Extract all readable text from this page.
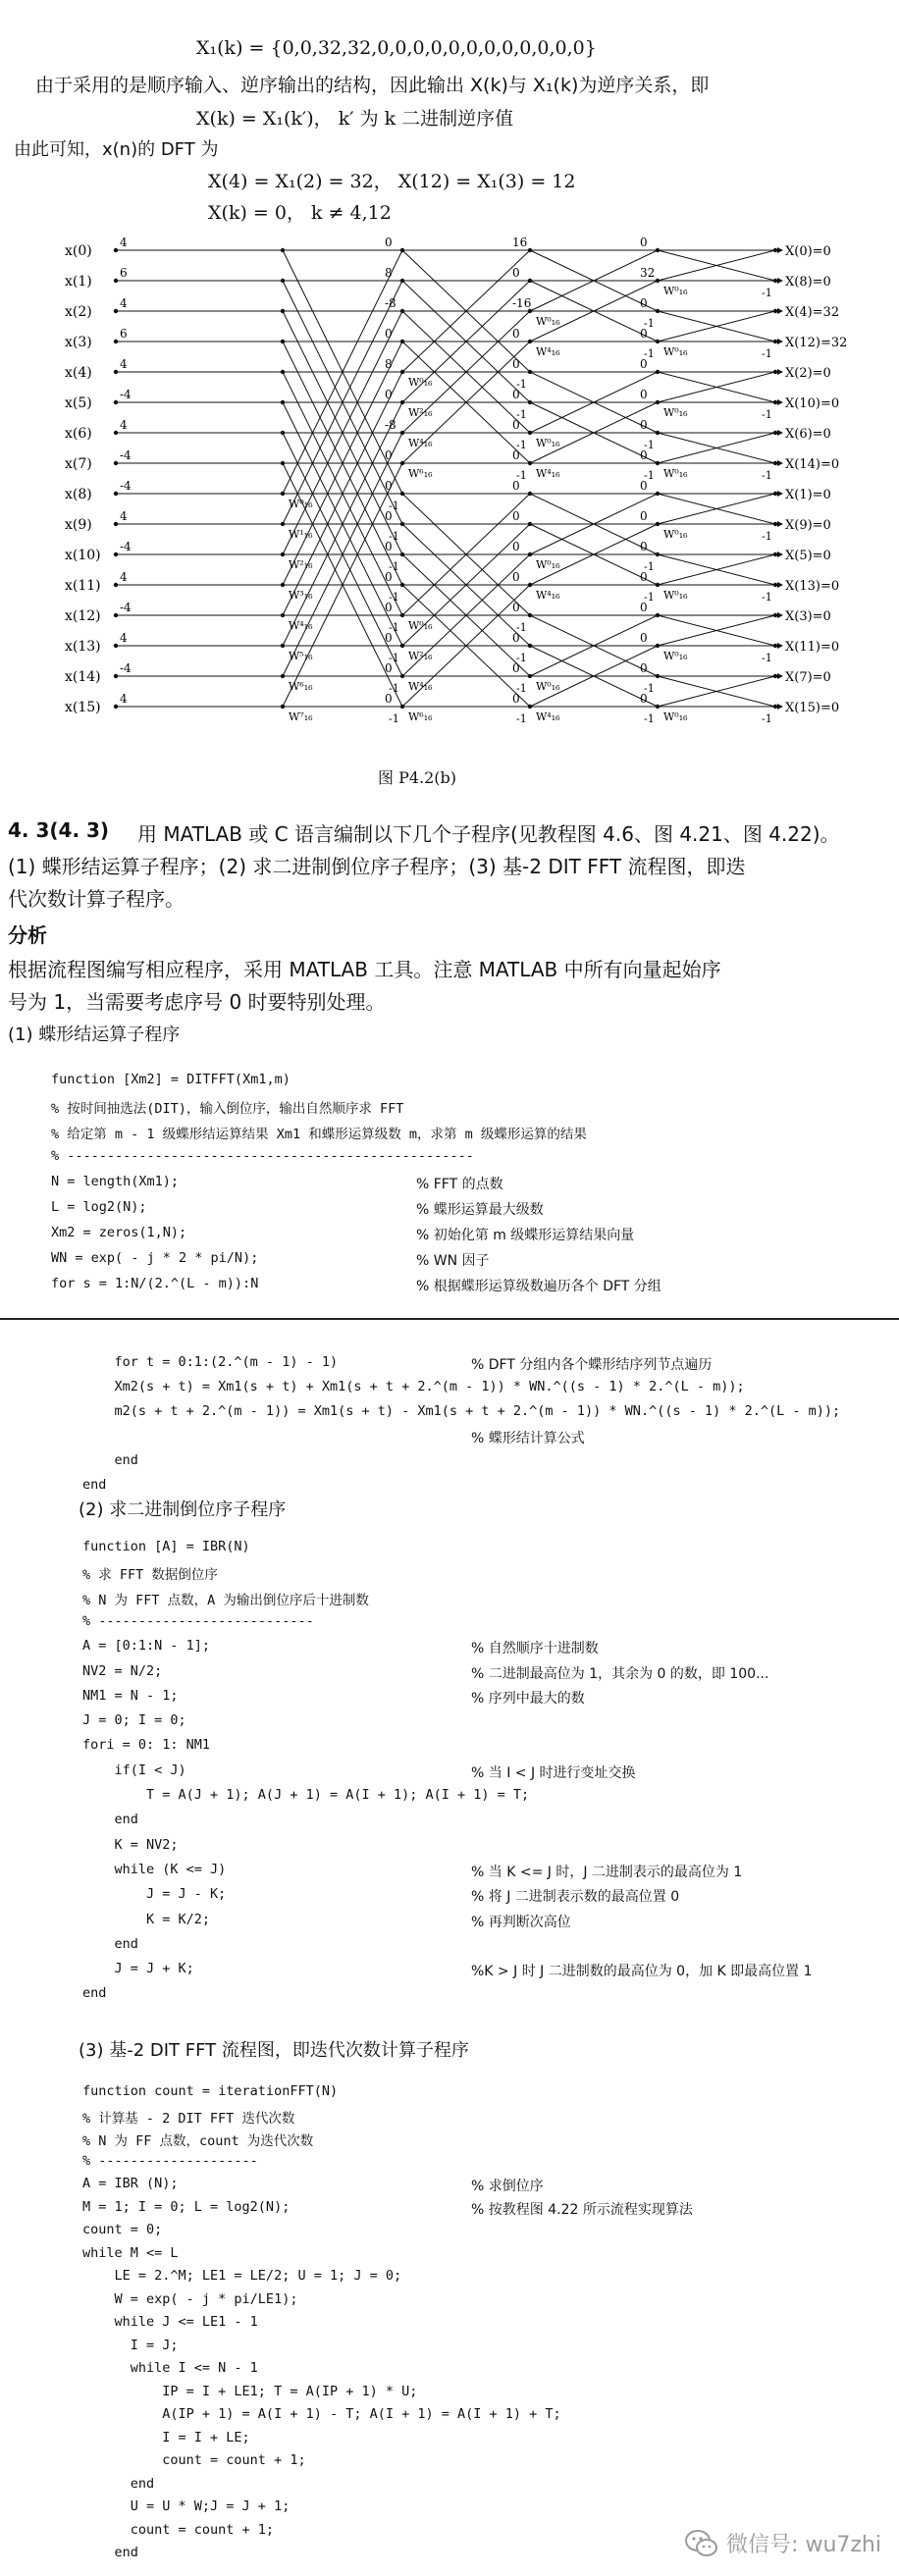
X₁(k) = {0,0,32,32,0,0,0,0,0,0,0,0,0,0,0,0}
由于采用的是顺序输入、逆序输出的结构，因此输出 X(k)与 X₁(k)为逆序关系，即
X(k) = X₁(k′)， k′ 为 k 二进制逆序值
由此可知，x(n)的 DFT 为
X(4) = X₁(2) = 32， X(12) = X₁(3) = 12
X(k) = 0， k ≠ 4,12
x(0)
4
x(1)
6
x(2)
4
x(3)
6
x(4)
4
x(5)
-4
x(6)
4
x(7)
-4
x(8)
-4
x(9)
4
x(10)
-4
x(11)
4
x(12)
-4
x(13)
4
x(14)
-4
x(15)
4
0
8
-8
0
8
0
-8
0
0
0
0
0
0
0
0
0
16
0
-16
0
0
0
0
0
0
0
0
0
0
0
0
0
0
32
0
0
0
0
0
0
0
0
0
0
0
0
0
0
W⁰₁₆	-1
W¹₁₆	-1
W²₁₆	-1
W³₁₆	-1
W⁴₁₆	-1
W⁵₁₆	-1
W⁶₁₆	-1
W⁷₁₆	-1
W⁰₁₆	-1
W²₁₆	-1
W⁴₁₆	-1
W⁶₁₆	-1
W⁰₁₆	-1
W²₁₆	-1
W⁴₁₆	-1
W⁶₁₆	-1
W⁰₁₆	-1
W⁴₁₆	-1
W⁰₁₆	-1
W⁴₁₆	-1
W⁰₁₆	-1
W⁴₁₆	-1
W⁰₁₆	-1
W⁴₁₆	-1
W⁰₁₆	-1
W⁰₁₆	-1
W⁰₁₆	-1
W⁰₁₆	-1
W⁰₁₆	-1
W⁰₁₆	-1
W⁰₁₆	-1
W⁰₁₆	-1
X(0)=0
X(8)=0
X(4)=32
X(12)=32
X(2)=0
X(10)=0
X(6)=0
X(14)=0
X(1)=0
X(9)=0
X(5)=0
X(13)=0
X(3)=0
X(11)=0
X(7)=0
X(15)=0
图 P4.2(b)
4. 3(4. 3) 用 MATLAB 或 C 语言编制以下几个子程序(见教程图 4.6、图 4.21、图 4.22)。
(1) 蝶形结运算子程序；(2) 求二进制倒位序子程序；(3) 基-2 DIT FFT 流程图，即迭
代次数计算子程序。
分析
根据流程图编写相应程序，采用 MATLAB 工具。注意 MATLAB 中所有向量起始序
号为 1，当需要考虑序号 0 时要特别处理。
(1) 蝶形结运算子程序
function [Xm2] = DITFFT(Xm1,m)
% 按时间抽选法(DIT)，输入倒位序，输出自然顺序求 FFT
% 给定第 m - 1 级蝶形结运算结果 Xm1 和蝶形运算级数 m，求第 m 级蝶形运算的结果
% ---------------------------------------------------
N = length(Xm1);
L = log2(N);
Xm2 = zeros(1,N);
WN = exp( - j * 2 * pi/N);
for s = 1:N/(2.^(L - m)):N
% FFT 的点数
% 蝶形运算最大级数
% 初始化第 m 级蝶形运算结果向量
% WN 因子
% 根据蝶形运算级数遍历各个 DFT 分组
for t = 0:1:(2.^(m - 1) - 1)
Xm2(s + t) = Xm1(s + t) + Xm1(s + t + 2.^(m - 1)) * WN.^((s - 1) * 2.^(L - m));
m2(s + t + 2.^(m - 1)) = Xm1(s + t) - Xm1(s + t + 2.^(m - 1)) * WN.^((s - 1) * 2.^(L - m));
end
end
% DFT 分组内各个蝶形结序列节点遍历
% 蝶形结计算公式
(2) 求二进制倒位序子程序
function [A] = IBR(N)
% 求 FFT 数据倒位序
% N 为 FFT 点数，A 为输出倒位序后十进制数
% ---------------------------
A = [0:1:N - 1];
NV2 = N/2;
NM1 = N - 1;
J = 0; I = 0;
fori = 0: 1: NM1
if(I < J)
T = A(J + 1); A(J + 1) = A(I + 1); A(I + 1) = T;
end
K = NV2;
while (K <= J)
J = J - K;
K = K/2;
end
J = J + K;
end
% 自然顺序十进制数
% 二进制最高位为 1，其余为 0 的数，即 100...
% 序列中最大的数
% 当 I < J 时进行变址交换
% 当 K <= J 时，J 二进制表示的最高位为 1
% 将 J 二进制表示数的最高位置 0
% 再判断次高位
%K > J 时 J 二进制数的最高位为 0，加 K 即最高位置 1
(3) 基-2 DIT FFT 流程图，即迭代次数计算子程序
function count = iterationFFT(N)
% 计算基 - 2 DIT FFT 迭代次数
% N 为 FF 点数，count 为迭代次数
% --------------------
A = IBR (N);
M = 1; I = 0; L = log2(N);
count = 0;
while M <= L
LE = 2.^M; LE1 = LE/2; U = 1; J = 0;
W = exp( - j * pi/LE1);
while J <= LE1 - 1
I = J;
while I <= N - 1
IP = I + LE1; T = A(IP + 1) * U;
A(IP + 1) = A(I + 1) - T; A(I + 1) = A(I + 1) + T;
I = I + LE;
count = count + 1;
end
U = U * W;J = J + 1;
count = count + 1;
end
% 求倒位序
% 按教程图 4.22 所示流程实现算法
微信号: wu7zhi
